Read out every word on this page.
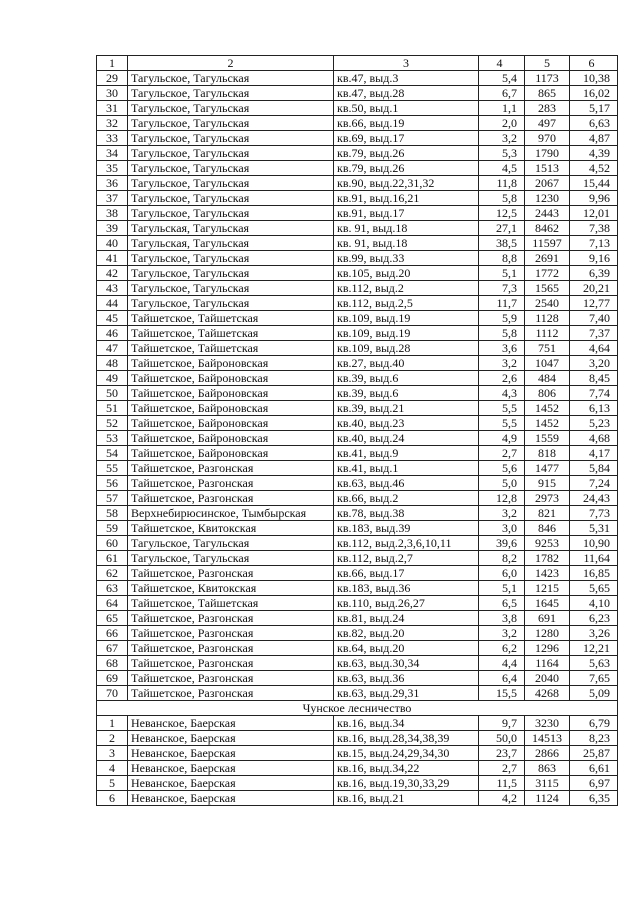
1	2	3	4	5	6
29	Тагульское, Тагульская	кв.47, выд.3	5,4	1173	10,38
30	Тагульское, Тагульская	кв.47, выд.28	6,7	865	16,02
31	Тагульское, Тагульская	кв.50, выд.1	1,1	283	5,17
32	Тагульское, Тагульская	кв.66, выд.19	2,0	497	6,63
33	Тагульское, Тагульская	кв.69, выд.17	3,2	970	4,87
34	Тагульское, Тагульская	кв.79, выд.26	5,3	1790	4,39
35	Тагульское, Тагульская	кв.79, выд.26	4,5	1513	4,52
36	Тагульское, Тагульская	кв.90, выд.22,31,32	11,8	2067	15,44
37	Тагульское, Тагульская	кв.91, выд.16,21	5,8	1230	9,96
38	Тагульское, Тагульская	кв.91, выд.17	12,5	2443	12,01
39	Тагульская, Тагульская	кв. 91, выд.18	27,1	8462	7,38
40	Тагульская, Тагульская	кв. 91, выд.18	38,5	11597	7,13
41	Тагульское, Тагульская	кв.99, выд.33	8,8	2691	9,16
42	Тагульское, Тагульская	кв.105, выд.20	5,1	1772	6,39
43	Тагульское, Тагульская	кв.112, выд.2	7,3	1565	20,21
44	Тагульское, Тагульская	кв.112, выд.2,5	11,7	2540	12,77
45	Тайшетское, Тайшетская	кв.109, выд.19	5,9	1128	7,40
46	Тайшетское, Тайшетская	кв.109, выд.19	5,8	1112	7,37
47	Тайшетское, Тайшетская	кв.109, выд.28	3,6	751	4,64
48	Тайшетское, Байроновская	кв.27, выд.40	3,2	1047	3,20
49	Тайшетское, Байроновская	кв.39, выд.6	2,6	484	8,45
50	Тайшетское, Байроновская	кв.39, выд.6	4,3	806	7,74
51	Тайшетское, Байроновская	кв.39, выд.21	5,5	1452	6,13
52	Тайшетское, Байроновская	кв.40, выд.23	5,5	1452	5,23
53	Тайшетское, Байроновская	кв.40, выд.24	4,9	1559	4,68
54	Тайшетское, Байроновская	кв.41, выд.9	2,7	818	4,17
55	Тайшетское, Разгонская	кв.41, выд.1	5,6	1477	5,84
56	Тайшетское, Разгонская	кв.63, выд.46	5,0	915	7,24
57	Тайшетское, Разгонская	кв.66, выд.2	12,8	2973	24,43
58	Верхнебирюсинское, Тымбырская	кв.78, выд.38	3,2	821	7,73
59	Тайшетское, Квитокская	кв.183, выд.39	3,0	846	5,31
60	Тагульское, Тагульская	кв.112, выд.2,3,6,10,11	39,6	9253	10,90
61	Тагульское, Тагульская	кв.112, выд.2,7	8,2	1782	11,64
62	Тайшетское, Разгонская	кв.66, выд.17	6,0	1423	16,85
63	Тайшетское, Квитокская	кв.183, выд.36	5,1	1215	5,65
64	Тайшетское, Тайшетская	кв.110, выд.26,27	6,5	1645	4,10
65	Тайшетское, Разгонская	кв.81, выд.24	3,8	691	6,23
66	Тайшетское, Разгонская	кв.82, выд.20	3,2	1280	3,26
67	Тайшетское, Разгонская	кв.64, выд.20	6,2	1296	12,21
68	Тайшетское, Разгонская	кв.63, выд.30,34	4,4	1164	5,63
69	Тайшетское, Разгонская	кв.63, выд.36	6,4	2040	7,65
70	Тайшетское, Разгонская	кв.63, выд.29,31	15,5	4268	5,09
Чунское лесничество					
1	Неванское, Баерская	кв.16, выд.34	9,7	3230	6,79
2	Неванское, Баерская	кв.16, выд.28,34,38,39	50,0	14513	8,23
3	Неванское, Баерская	кв.15, выд.24,29,34,30	23,7	2866	25,87
4	Неванское, Баерская	кв.16, выд.34,22	2,7	863	6,61
5	Неванское, Баерская	кв.16, выд.19,30,33,29	11,5	3115	6,97
6	Неванское, Баерская	кв.16, выд.21	4,2	1124	6,35
